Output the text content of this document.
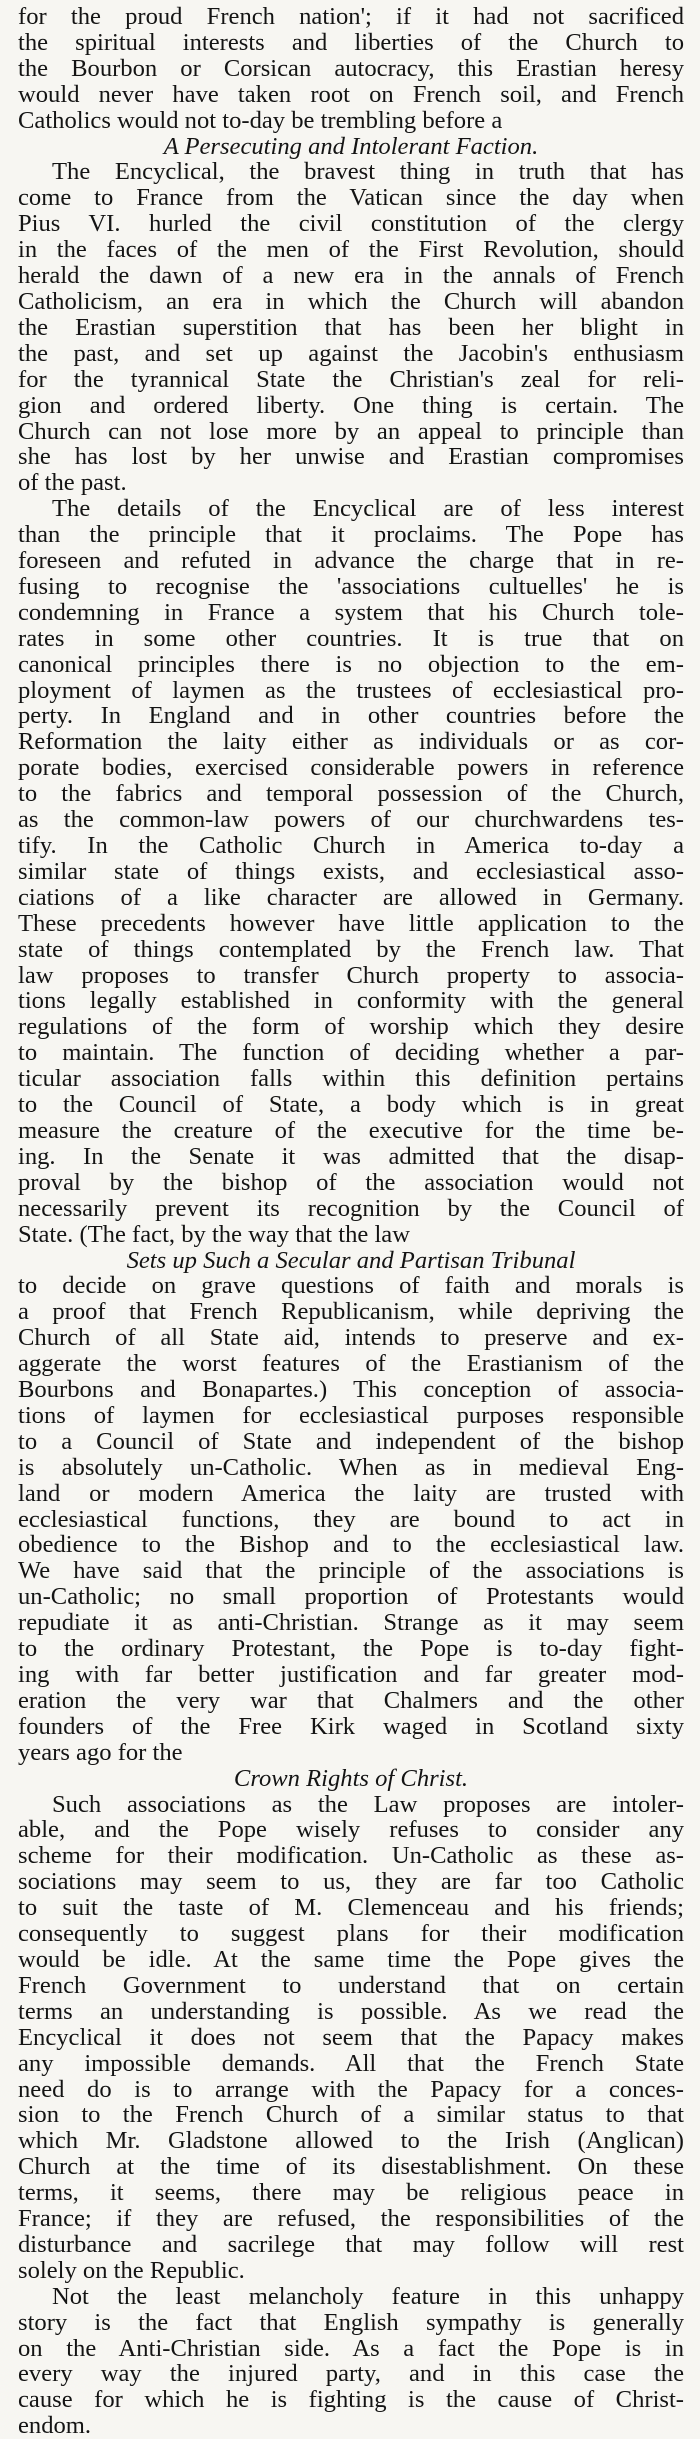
for the proud French nation'; if it had not sacrificed
the spiritual interests and liberties of the Church to
the Bourbon or Corsican autocracy, this Erastian heresy
would never have taken root on French soil, and French
Catholics would not to-day be trembling before a

A Persecuting and Intolerant Faction.

The Encyclical, the bravest thing in truth that has
come to France from the Vatican since the day when
Pius VI. hurled the civil constitution of the clergy
in the faces of the men of the First Revolution, should
herald the dawn of a new era in the annals of French
Catholicism, an era in which the Church will abandon
the Erastian superstition that has been her blight in
the past, and set up against the Jacobin's enthusiasm
for the tyrannical State the Christian's zeal for reli-
gion and ordered liberty. One thing is certain. The
Church can not lose more by an appeal to principle than
she has lost by her unwise and Erastian compromises
of the past.

The details of the Encyclical are of less interest
than the principle that it proclaims. The Pope has
foreseen and refuted in advance the charge that in re-
fusing to recognise the 'associations cultuelles' he is
condemning in France a system that his Church tole-
rates in some other countries. It is true that on
canonical principles there is no objection to the em-
ployment of laymen as the trustees of ecclesiastical pro-
perty. In England and in other countries before the
Reformation the laity either as individuals or as cor-
porate bodies, exercised considerable powers in reference
to the fabrics and temporal possession of the Church,
as the common-law powers of our churchwardens tes-
tify. In the Catholic Church in America to-day a
similar state of things exists, and ecclesiastical asso-
ciations of a like character are allowed in Germany.
These precedents however have little application to the
state of things contemplated by the French law. That
law proposes to transfer Church property to associa-
tions legally established in conformity with the general
regulations of the form of worship which they desire
to maintain. The function of deciding whether a par-
ticular association falls within this definition pertains
to the Council of State, a body which is in great
measure the creature of the executive for the time be-
ing. In the Senate it was admitted that the disap-
proval by the bishop of the association would not
necessarily prevent its recognition by the Council of
State. (The fact, by the way that the law

Sets up Such a Secular and Partisan Tribunal

to decide on grave questions of faith and morals is
a proof that French Republicanism, while depriving the
Church of all State aid, intends to preserve and ex-
aggerate the worst features of the Erastianism of the
Bourbons and Bonapartes.) This conception of associa-
tions of laymen for ecclesiastical purposes responsible
to a Council of State and independent of the bishop
is absolutely un-Catholic. When as in medieval Eng-
land or modern America the laity are trusted with
ecclesiastical functions, they are bound to act in
obedience to the Bishop and to the ecclesiastical law.
We have said that the principle of the associations is
un-Catholic; no small proportion of Protestants would
repudiate it as anti-Christian. Strange as it may seem
to the ordinary Protestant, the Pope is to-day fight-
ing with far better justification and far greater mod-
eration the very war that Chalmers and the other
founders of the Free Kirk waged in Scotland sixty
years ago for the

Crown Rights of Christ.

Such associations as the Law proposes are intoler-
able, and the Pope wisely refuses to consider any
scheme for their modification. Un-Catholic as these as-
sociations may seem to us, they are far too Catholic
to suit the taste of M. Clemenceau and his friends;
consequently to suggest plans for their modification
would be idle. At the same time the Pope gives the
French Government to understand that on certain
terms an understanding is possible. As we read the
Encyclical it does not seem that the Papacy makes
any impossible demands. All that the French State
need do is to arrange with the Papacy for a conces-
sion to the French Church of a similar status to that
which Mr. Gladstone allowed to the Irish (Anglican)
Church at the time of its disestablishment. On these
terms, it seems, there may be religious peace in
France; if they are refused, the responsibilities of the
disturbance and sacrilege that may follow will rest
solely on the Republic.

Not the least melancholy feature in this unhappy
story is the fact that English sympathy is generally
on the Anti-Christian side. As a fact the Pope is in
every way the injured party, and in this case the
cause for which he is fighting is the cause of Christ-
endom.
